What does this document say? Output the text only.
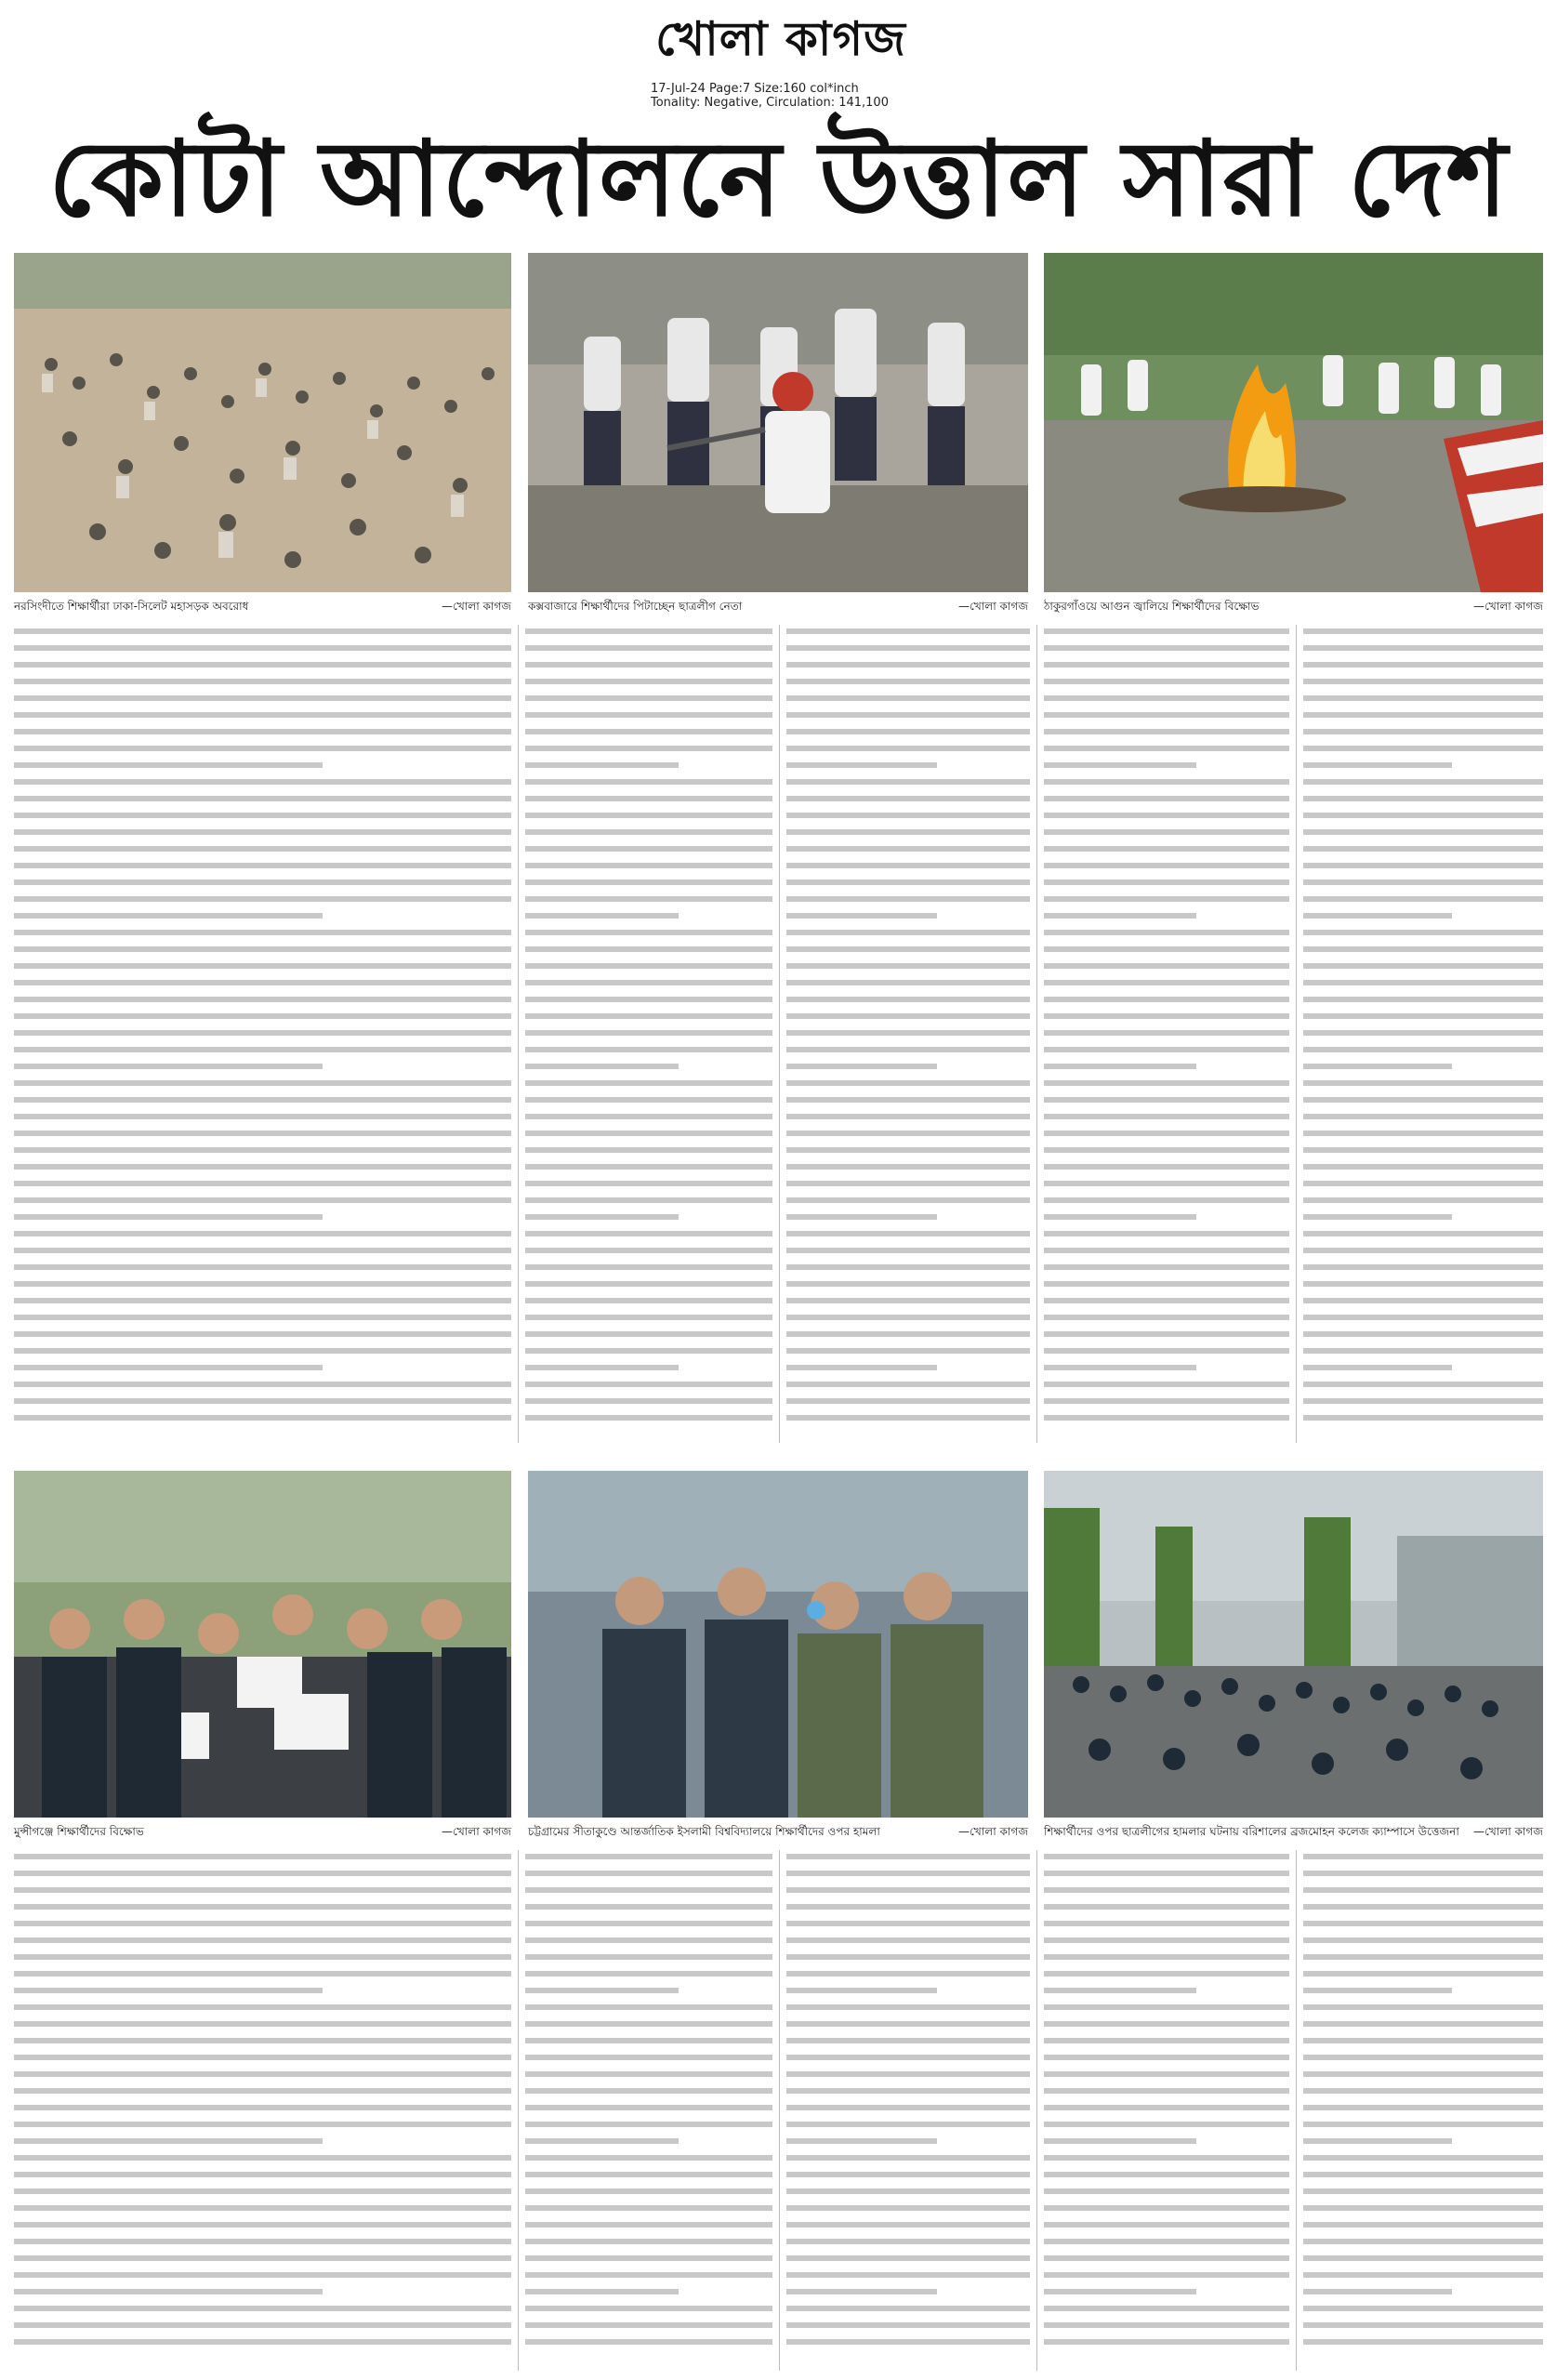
খোলা কাগজ
17-Jul-24 Page:7 Size:160 col*inch
Tonality: Negative, Circulation: 141,100
কোটা আন্দোলনে উত্তাল সারা দেশ
নরসিংদীতে শিক্ষার্থীরা ঢাকা-সিলেট মহাসড়ক অবরোধ	—খোলা কাগজ কক্সবাজারে শিক্ষার্থীদের পিটাচ্ছেন ছাত্রলীগ নেতা	—খোলা কাগজ ঠাকুরগাঁওয়ে আগুন জ্বালিয়ে শিক্ষার্থীদের বিক্ষোভ	—খোলা কাগজ
মুন্সীগঞ্জে শিক্ষার্থীদের বিক্ষোভ	—খোলা কাগজ চট্টগ্রামের সীতাকুণ্ডে আন্তর্জাতিক ইসলামী বিশ্ববিদ্যালয়ে শিক্ষার্থীদের ওপর হামলা	—খোলা কাগজ শিক্ষার্থীদের ওপর ছাত্রলীগের হামলার ঘটনায় বরিশালের ব্রজমোহন কলেজ ক্যাম্পাসে উত্তেজনা	—খোলা কাগজ
